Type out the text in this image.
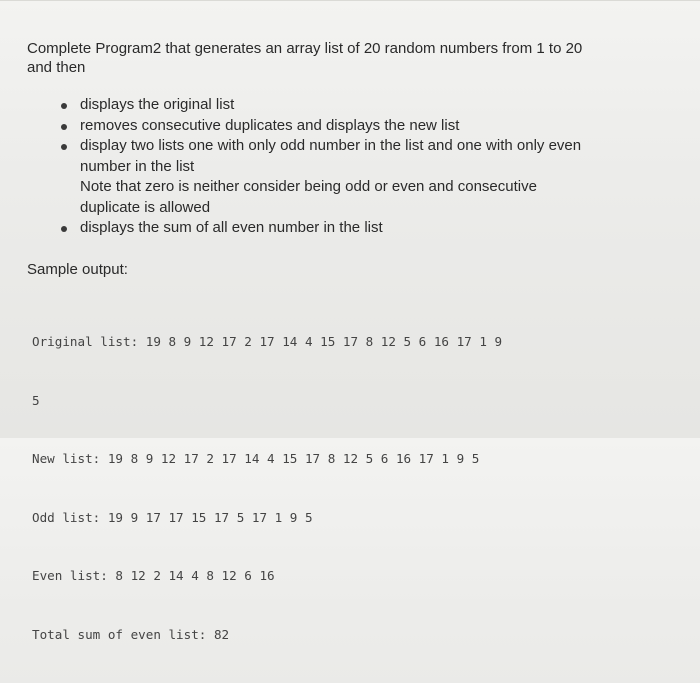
Complete Program2 that generates an array list of 20 random numbers from 1 to 20
and then

displays the original list
removes consecutive duplicates and displays the new list
display two lists one with only odd number in the list and one with only even
number in the list
Note that zero is neither consider being odd or even and consecutive
duplicate is allowed
displays the sum of all even number in the list

Sample output:

Original list: 19 8 9 12 17 2 17 14 4 15 17 8 12 5 6 16 17 1 9

5

New list: 19 8 9 12 17 2 17 14 4 15 17 8 12 5 6 16 17 1 9 5

Odd list: 19 9 17 17 15 17 5 17 1 9 5

Even list: 8 12 2 14 4 8 12 6 16

Total sum of even list: 82
